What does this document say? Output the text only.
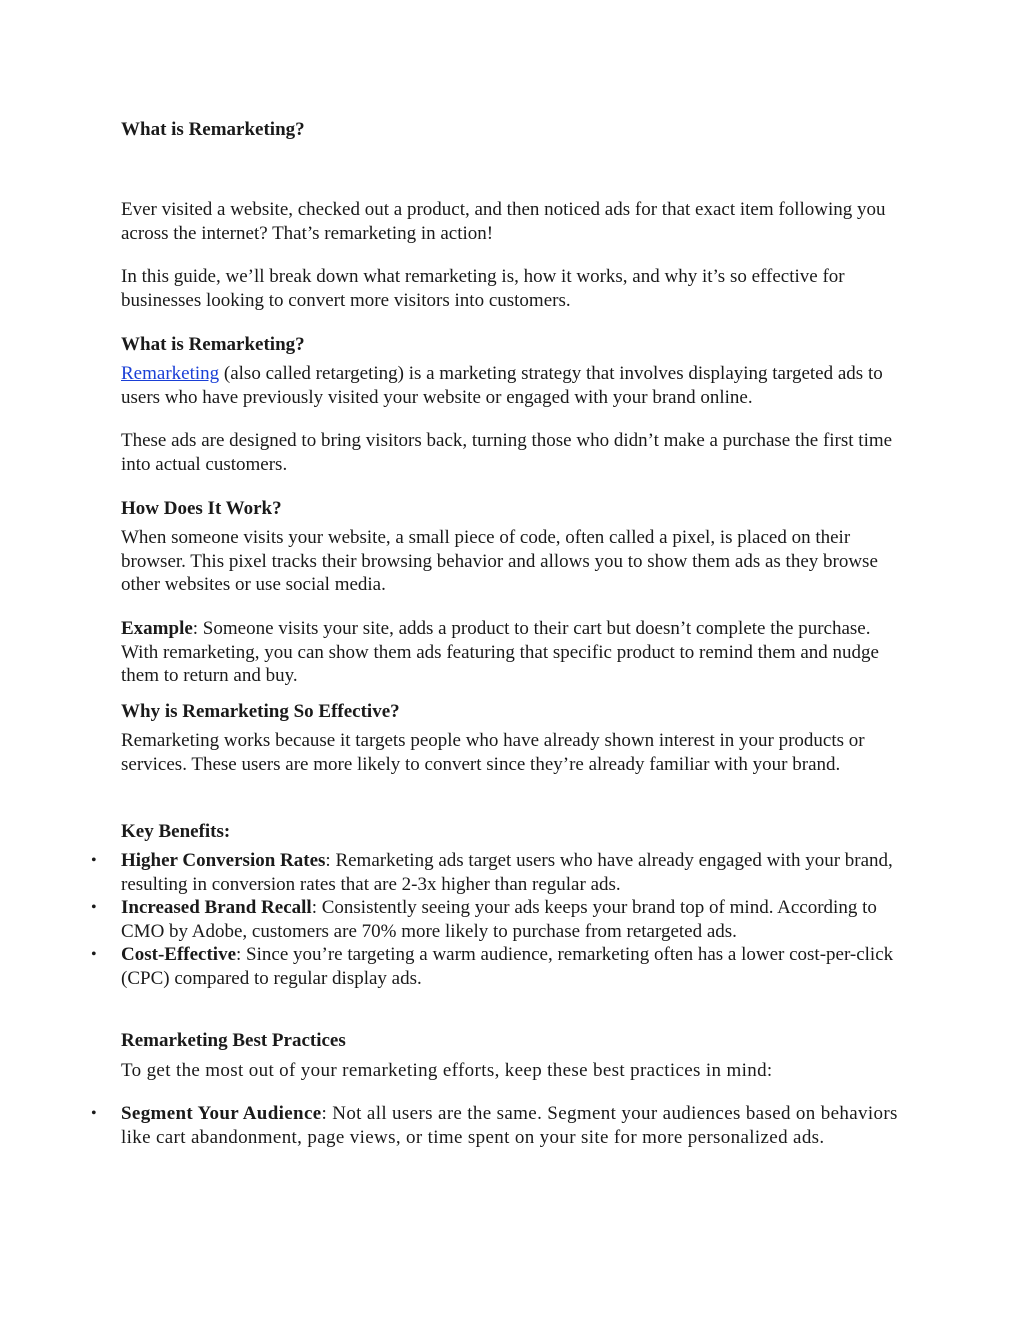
What is Remarketing?

Ever visited a website, checked out a product, and then noticed ads for that exact item following you across the internet? That’s remarketing in action!

In this guide, we’ll break down what remarketing is, how it works, and why it’s so effective for businesses looking to convert more visitors into customers.

What is Remarketing?

Remarketing (also called retargeting) is a marketing strategy that involves displaying targeted ads to users who have previously visited your website or engaged with your brand online.

These ads are designed to bring visitors back, turning those who didn’t make a purchase the first time into actual customers.

How Does It Work?

When someone visits your website, a small piece of code, often called a pixel, is placed on their browser. This pixel tracks their browsing behavior and allows you to show them ads as they browse other websites or use social media.

Example: Someone visits your site, adds a product to their cart but doesn’t complete the purchase. With remarketing, you can show them ads featuring that specific product to remind them and nudge them to return and buy.

Why is Remarketing So Effective?

Remarketing works because it targets people who have already shown interest in your products or services. These users are more likely to convert since they’re already familiar with your brand.

Key Benefits:
• Higher Conversion Rates: Remarketing ads target users who have already engaged with your brand, resulting in conversion rates that are 2-3x higher than regular ads.
• Increased Brand Recall: Consistently seeing your ads keeps your brand top of mind. According to CMO by Adobe, customers are 70% more likely to purchase from retargeted ads.
• Cost-Effective: Since you’re targeting a warm audience, remarketing often has a lower cost-per-click (CPC) compared to regular display ads.
Remarketing Best Practices

To get the most out of your remarketing efforts, keep these best practices in mind:

• Segment Your Audience: Not all users are the same. Segment your audiences based on behaviors like cart abandonment, page views, or time spent on your site for more personalized ads.
